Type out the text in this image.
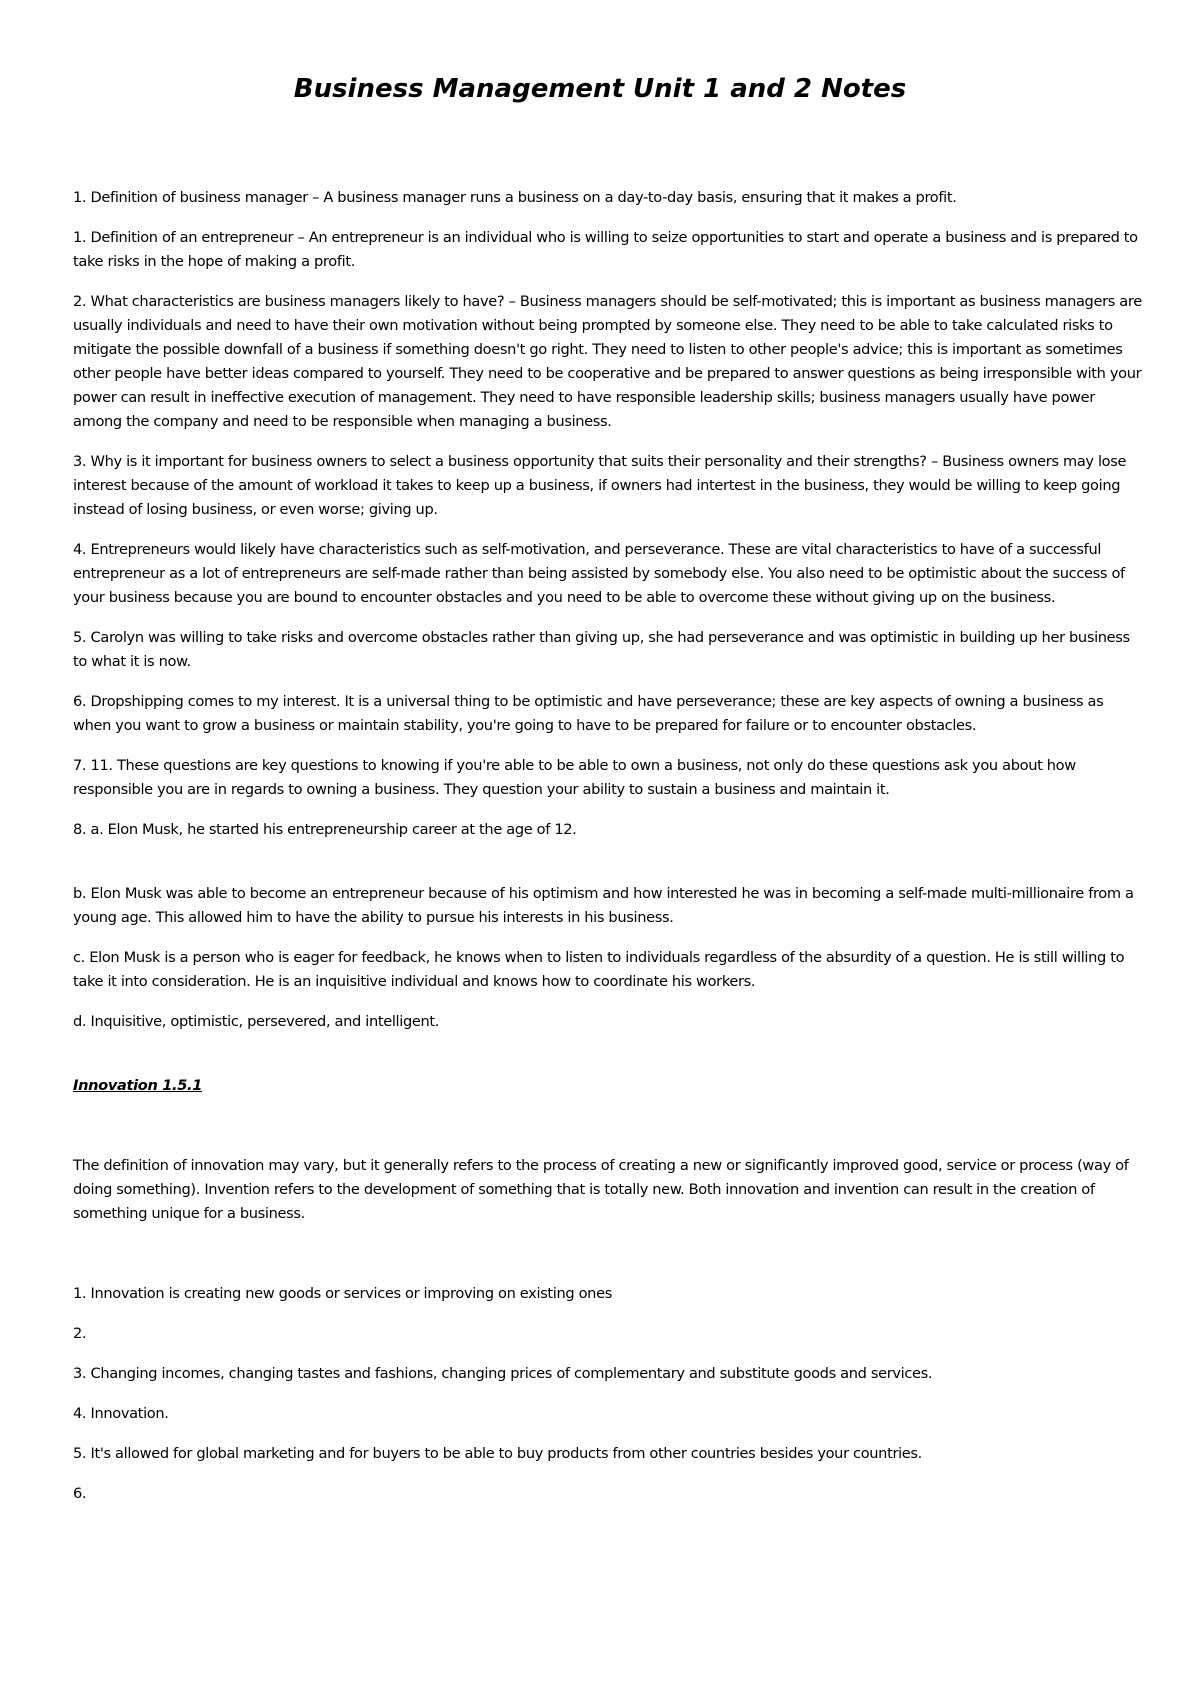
Business Management Unit 1 and 2 Notes

1. Definition of business manager – A business manager runs a business on a day-to-day basis, ensuring that it makes a profit.

1. Definition of an entrepreneur – An entrepreneur is an individual who is willing to seize opportunities to start and operate a business and is prepared to take risks in the hope of making a profit.

2. What characteristics are business managers likely to have? – Business managers should be self-motivated; this is important as business managers are usually individuals and need to have their own motivation without being prompted by someone else. They need to be able to take calculated risks to mitigate the possible downfall of a business if something doesn't go right. They need to listen to other people's advice; this is important as sometimes other people have better ideas compared to yourself. They need to be cooperative and be prepared to answer questions as being irresponsible with your power can result in ineffective execution of management. They need to have responsible leadership skills; business managers usually have power among the company and need to be responsible when managing a business.

3. Why is it important for business owners to select a business opportunity that suits their personality and their strengths? – Business owners may lose interest because of the amount of workload it takes to keep up a business, if owners had intertest in the business, they would be willing to keep going instead of losing business, or even worse; giving up.

4. Entrepreneurs would likely have characteristics such as self-motivation, and perseverance. These are vital characteristics to have of a successful entrepreneur as a lot of entrepreneurs are self-made rather than being assisted by somebody else. You also need to be optimistic about the success of your business because you are bound to encounter obstacles and you need to be able to overcome these without giving up on the business.

5. Carolyn was willing to take risks and overcome obstacles rather than giving up, she had perseverance and was optimistic in building up her business to what it is now.

6. Dropshipping comes to my interest. It is a universal thing to be optimistic and have perseverance; these are key aspects of owning a business as when you want to grow a business or maintain stability, you're going to have to be prepared for failure or to encounter obstacles.

7. 11. These questions are key questions to knowing if you're able to be able to own a business, not only do these questions ask you about how responsible you are in regards to owning a business. They question your ability to sustain a business and maintain it.

8. a. Elon Musk, he started his entrepreneurship career at the age of 12.

b. Elon Musk was able to become an entrepreneur because of his optimism and how interested he was in becoming a self-made multi-millionaire from a young age. This allowed him to have the ability to pursue his interests in his business.

c. Elon Musk is a person who is eager for feedback, he knows when to listen to individuals regardless of the absurdity of a question. He is still willing to take it into consideration. He is an inquisitive individual and knows how to coordinate his workers.

d. Inquisitive, optimistic, persevered, and intelligent.

Innovation 1.5.1

The definition of innovation may vary, but it generally refers to the process of creating a new or significantly improved good, service or process (way of doing something). Invention refers to the development of something that is totally new. Both innovation and invention can result in the creation of something unique for a business.

1. Innovation is creating new goods or services or improving on existing ones

2.

3. Changing incomes, changing tastes and fashions, changing prices of complementary and substitute goods and services.

4. Innovation.

5. It's allowed for global marketing and for buyers to be able to buy products from other countries besides your countries.

6.
